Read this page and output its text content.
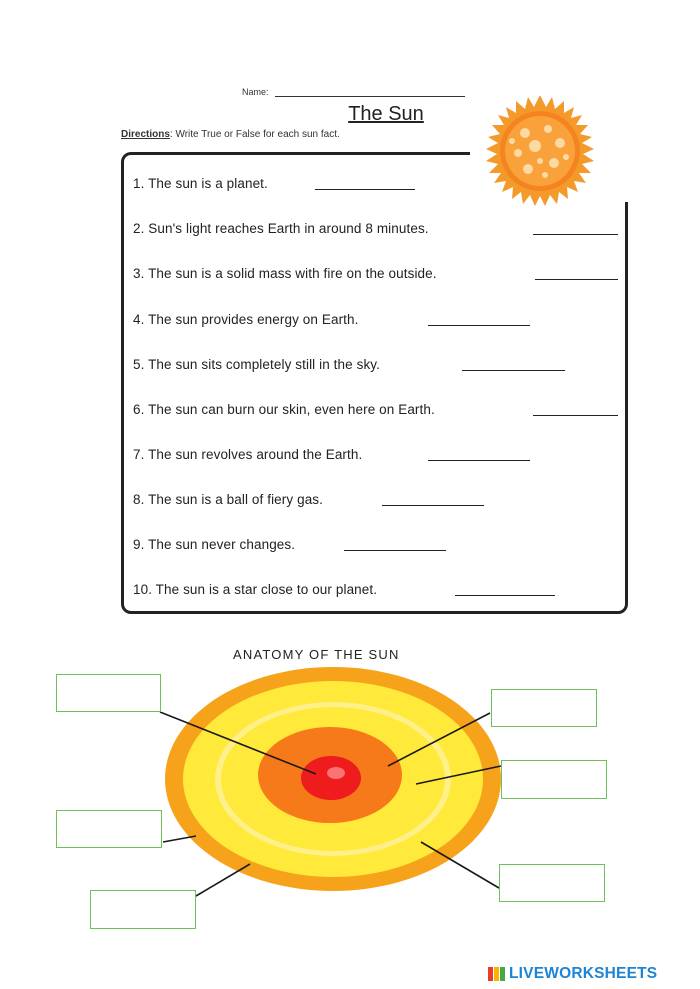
Name:
The Sun
Directions: Write True or False for each sun fact.
1. The sun is a planet.
2. Sun's light reaches Earth in around 8 minutes.
3. The sun is a solid mass with fire on the outside.
4. The sun provides energy on Earth.
5. The sun sits completely still in the sky.
6. The sun can burn our skin, even here on Earth.
7. The sun revolves around the Earth.
8. The sun is a ball of fiery gas.
9. The sun never changes.
10. The sun is a star close to our planet.
ANATOMY OF THE SUN
LIVEWORKSHEETS
